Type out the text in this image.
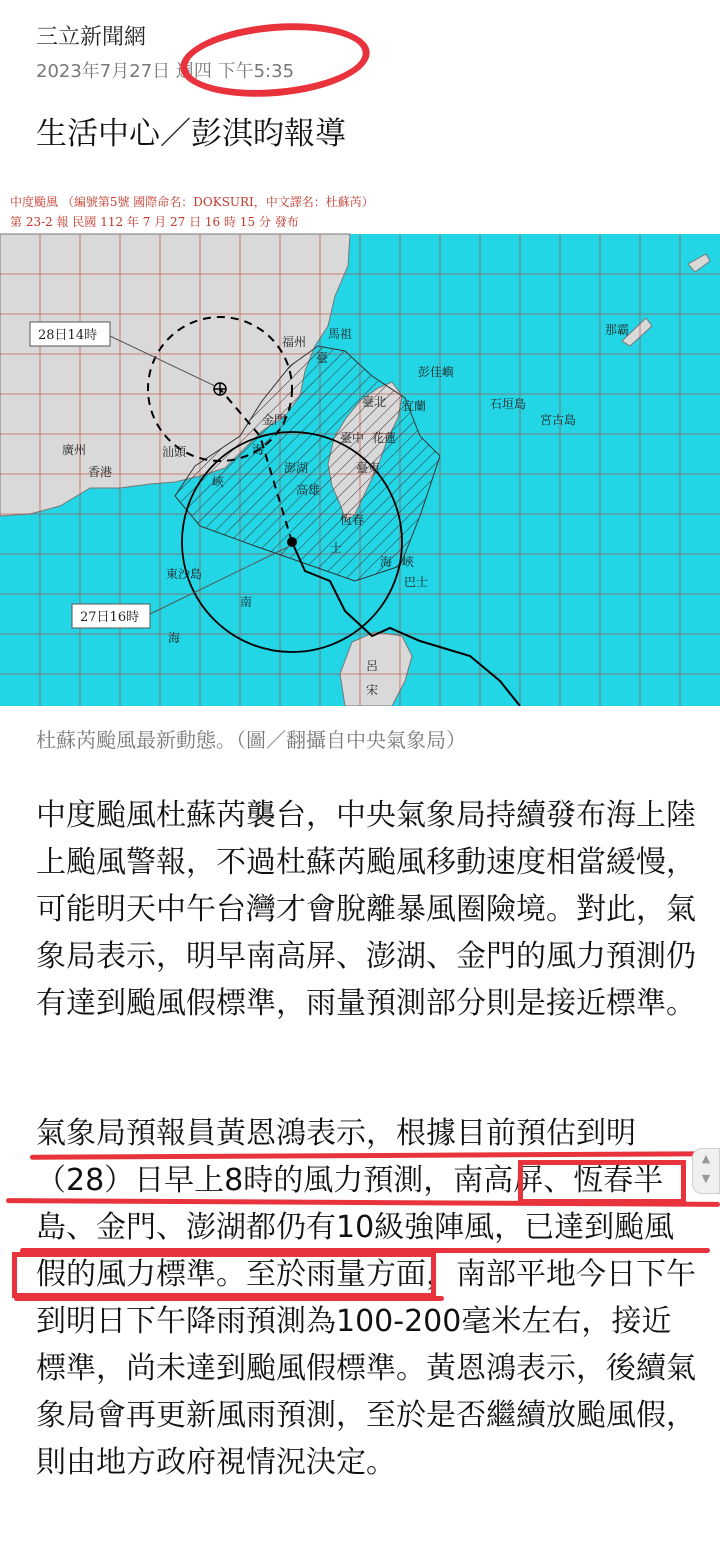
三立新聞網
2023年7月27日 週四 下午5:35
生活中心／彭淇昀報導
中度颱風 （編號第5號 國際命名：DOKSURI，中文譯名：杜蘇芮）
第 23-2 報 民國 112 年 7 月 27 日 16 時 15 分 發布
28日14時
27日16時
福州
馬祖
彭佳嶼
臺北 宜蘭	石垣島
宮古島
那霸
金門
臺中 花蓮
廣州
香港
汕頭
澎湖	臺東
高雄
恆春
巴士
東沙島
海
峽
海 峽
南
海
臺
呂
宋
士
杜蘇芮颱風最新動態。（圖／翻攝自中央氣象局）

中度颱風杜蘇芮襲台，中央氣象局持續發布海上陸上颱風警報，不過杜蘇芮颱風移動速度相當緩慢，可能明天中午台灣才會脫離暴風圈險境。對此，氣象局表示，明早南高屏、澎湖、金門的風力預測仍有達到颱風假標準，雨量預測部分則是接近標準。

氣象局預報員黃恩鴻表示，根據目前預估到明（28）日早上8時的風力預測，南高屏、恆春半島、金門、澎湖都仍有10級強陣風，已達到颱風假的風力標準。至於雨量方面，南部平地今日下午到明日下午降雨預測為100-200毫米左右，接近標準，尚未達到颱風假標準。黃恩鴻表示，後續氣象局會再更新風雨預測，至於是否繼續放颱風假，則由地方政府視情況決定。

▲
▼
